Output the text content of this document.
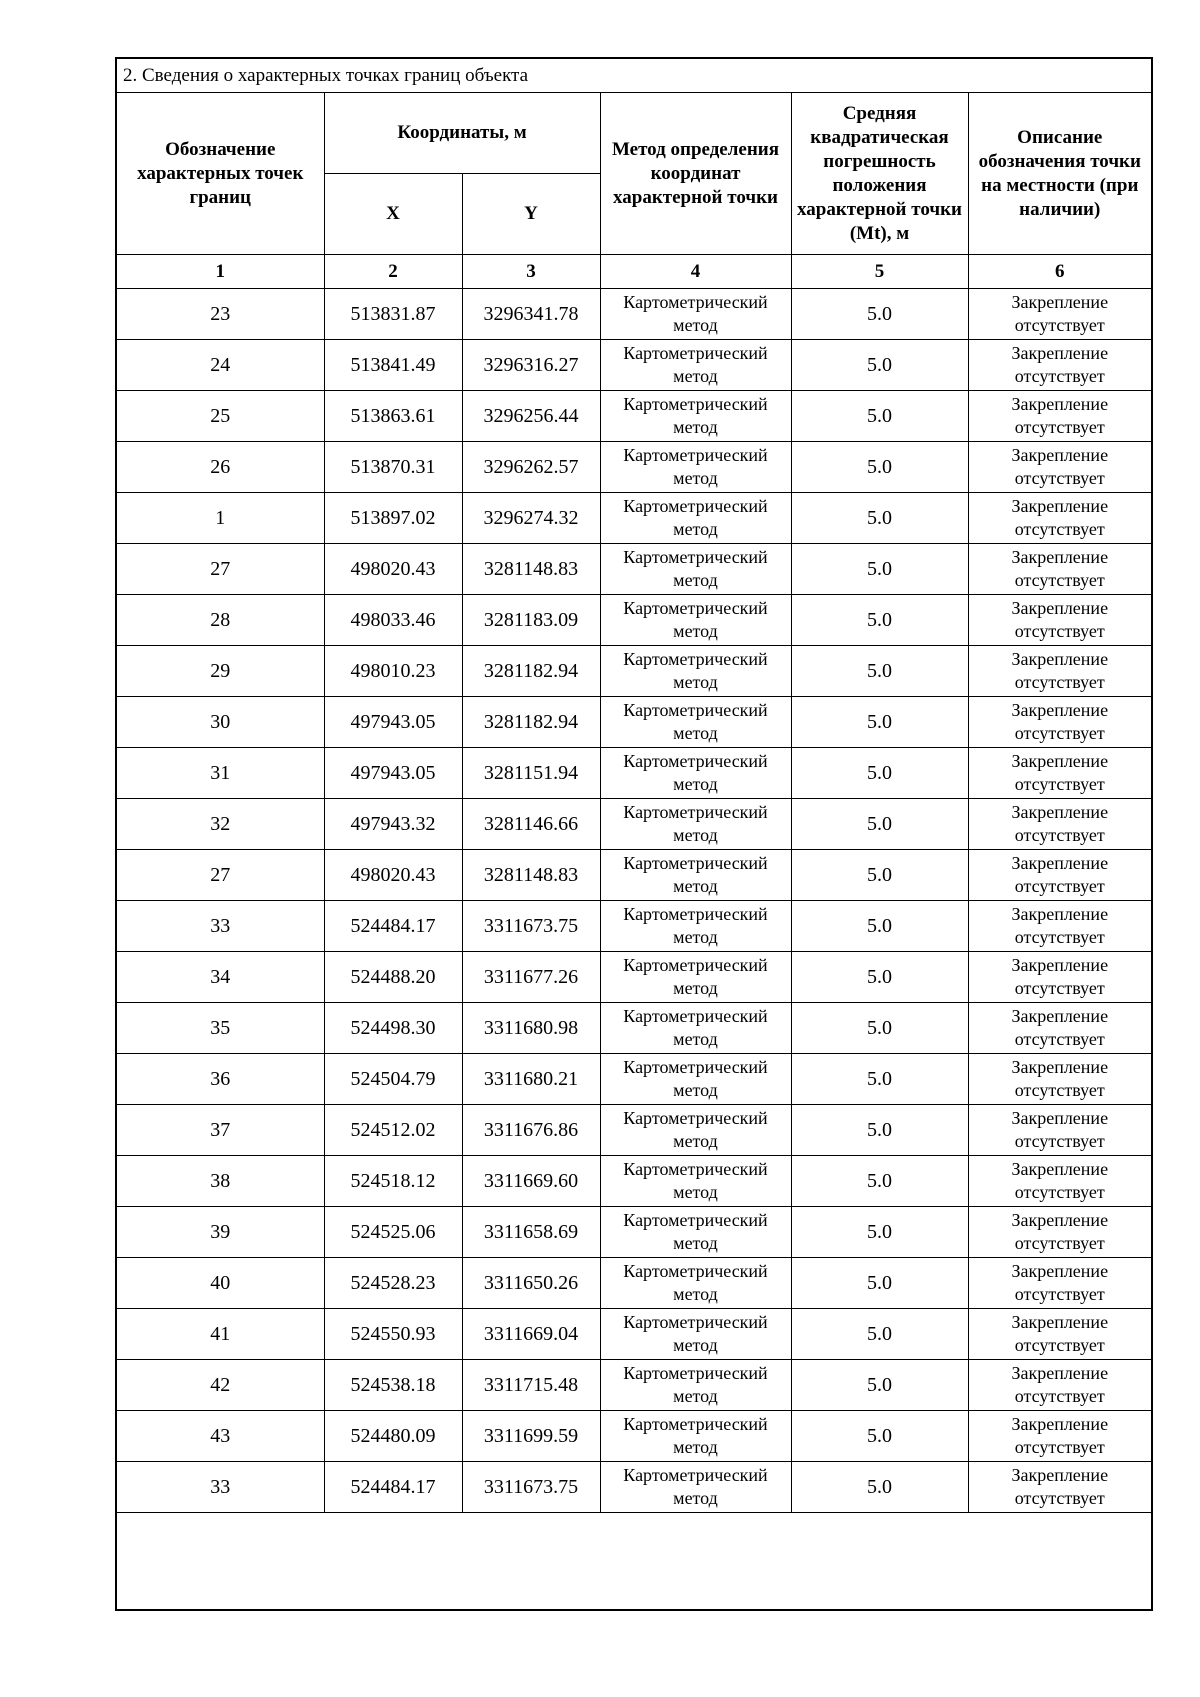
2. Сведения о характерных точках границ объекта					
Обозначение характерных точек границ	Координаты, м		Метод определения координат характерной точки	Средняя квадратическая погрешность положения характерной точки (Mt), м	Описание обозначения точки на местности (при наличии)
	X	Y			
1	2	3	4	5	6
23	513831.87	3296341.78	Картометрический метод	5.0	Закрепление отсутствует
24	513841.49	3296316.27	Картометрический метод	5.0	Закрепление отсутствует
25	513863.61	3296256.44	Картометрический метод	5.0	Закрепление отсутствует
26	513870.31	3296262.57	Картометрический метод	5.0	Закрепление отсутствует
1	513897.02	3296274.32	Картометрический метод	5.0	Закрепление отсутствует
27	498020.43	3281148.83	Картометрический метод	5.0	Закрепление отсутствует
28	498033.46	3281183.09	Картометрический метод	5.0	Закрепление отсутствует
29	498010.23	3281182.94	Картометрический метод	5.0	Закрепление отсутствует
30	497943.05	3281182.94	Картометрический метод	5.0	Закрепление отсутствует
31	497943.05	3281151.94	Картометрический метод	5.0	Закрепление отсутствует
32	497943.32	3281146.66	Картометрический метод	5.0	Закрепление отсутствует
27	498020.43	3281148.83	Картометрический метод	5.0	Закрепление отсутствует
33	524484.17	3311673.75	Картометрический метод	5.0	Закрепление отсутствует
34	524488.20	3311677.26	Картометрический метод	5.0	Закрепление отсутствует
35	524498.30	3311680.98	Картометрический метод	5.0	Закрепление отсутствует
36	524504.79	3311680.21	Картометрический метод	5.0	Закрепление отсутствует
37	524512.02	3311676.86	Картометрический метод	5.0	Закрепление отсутствует
38	524518.12	3311669.60	Картометрический метод	5.0	Закрепление отсутствует
39	524525.06	3311658.69	Картометрический метод	5.0	Закрепление отсутствует
40	524528.23	3311650.26	Картометрический метод	5.0	Закрепление отсутствует
41	524550.93	3311669.04	Картометрический метод	5.0	Закрепление отсутствует
42	524538.18	3311715.48	Картометрический метод	5.0	Закрепление отсутствует
43	524480.09	3311699.59	Картометрический метод	5.0	Закрепление отсутствует
33	524484.17	3311673.75	Картометрический метод	5.0	Закрепление отсутствует
